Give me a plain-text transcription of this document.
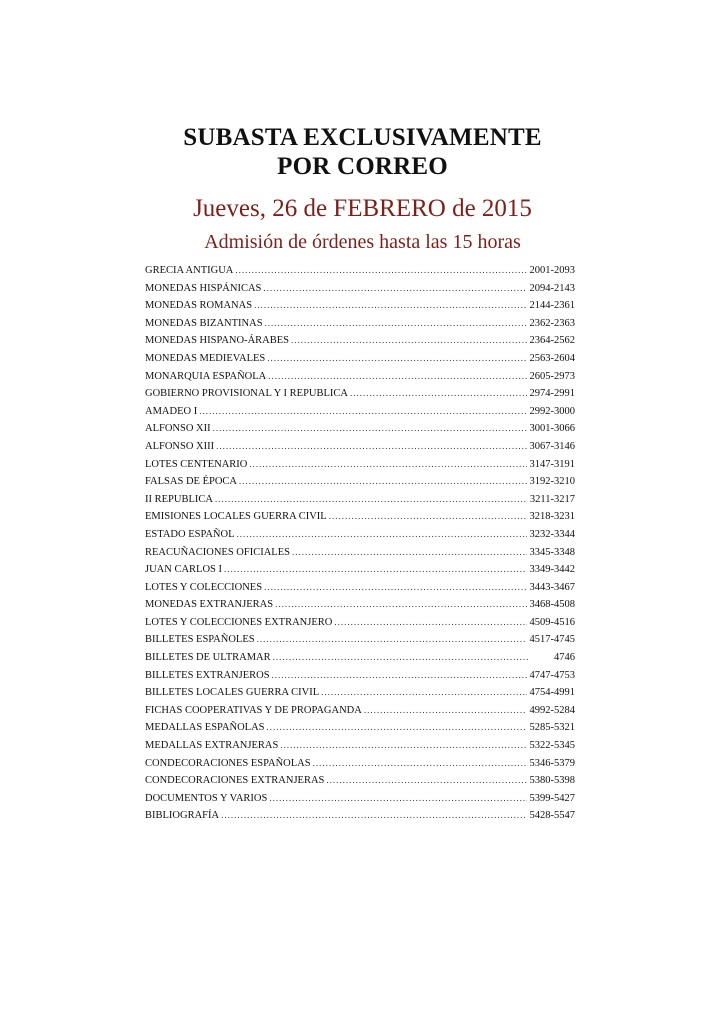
SUBASTA EXCLUSIVAMENTE
POR CORREO
Jueves, 26 de FEBRERO de 2015
Admisión de órdenes hasta las 15 horas
GRECIA ANTIGUA .....	2001-2093
MONEDAS HISPÁNICAS .....	2094-2143
MONEDAS ROMANAS .....	2144-2361
MONEDAS BIZANTINAS .....	2362-2363
MONEDAS HISPANO-ÁRABES .....	2364-2562
MONEDAS MEDIEVALES .....	2563-2604
MONARQUIA ESPAÑOLA .....	2605-2973
GOBIERNO PROVISIONAL Y I REPUBLICA .....	2974-2991
AMADEO I .....	2992-3000
ALFONSO XII .....	3001-3066
ALFONSO XIII .....	3067-3146
LOTES CENTENARIO .....	3147-3191
FALSAS DE ÉPOCA .....	3192-3210
II REPUBLICA .....	3211-3217
EMISIONES LOCALES GUERRA CIVIL .....	3218-3231
ESTADO ESPAÑOL .....	3232-3344
REACUÑACIONES OFICIALES .....	3345-3348
JUAN CARLOS I .....	3349-3442
LOTES Y COLECCIONES .....	3443-3467
MONEDAS EXTRANJERAS .....	3468-4508
LOTES Y COLECCIONES EXTRANJERO .....	4509-4516
BILLETES ESPAÑOLES .....	4517-4745
BILLETES DE ULTRAMAR .....	4746
BILLETES EXTRANJEROS .....	4747-4753
BILLETES LOCALES GUERRA CIVIL .....	4754-4991
FICHAS COOPERATIVAS Y DE PROPAGANDA .....	4992-5284
MEDALLAS ESPAÑOLAS .....	5285-5321
MEDALLAS EXTRANJERAS .....	5322-5345
CONDECORACIONES ESPAÑOLAS .....	5346-5379
CONDECORACIONES EXTRANJERAS .....	5380-5398
DOCUMENTOS Y VARIOS .....	5399-5427
BIBLIOGRAFÍA .....	5428-5547
